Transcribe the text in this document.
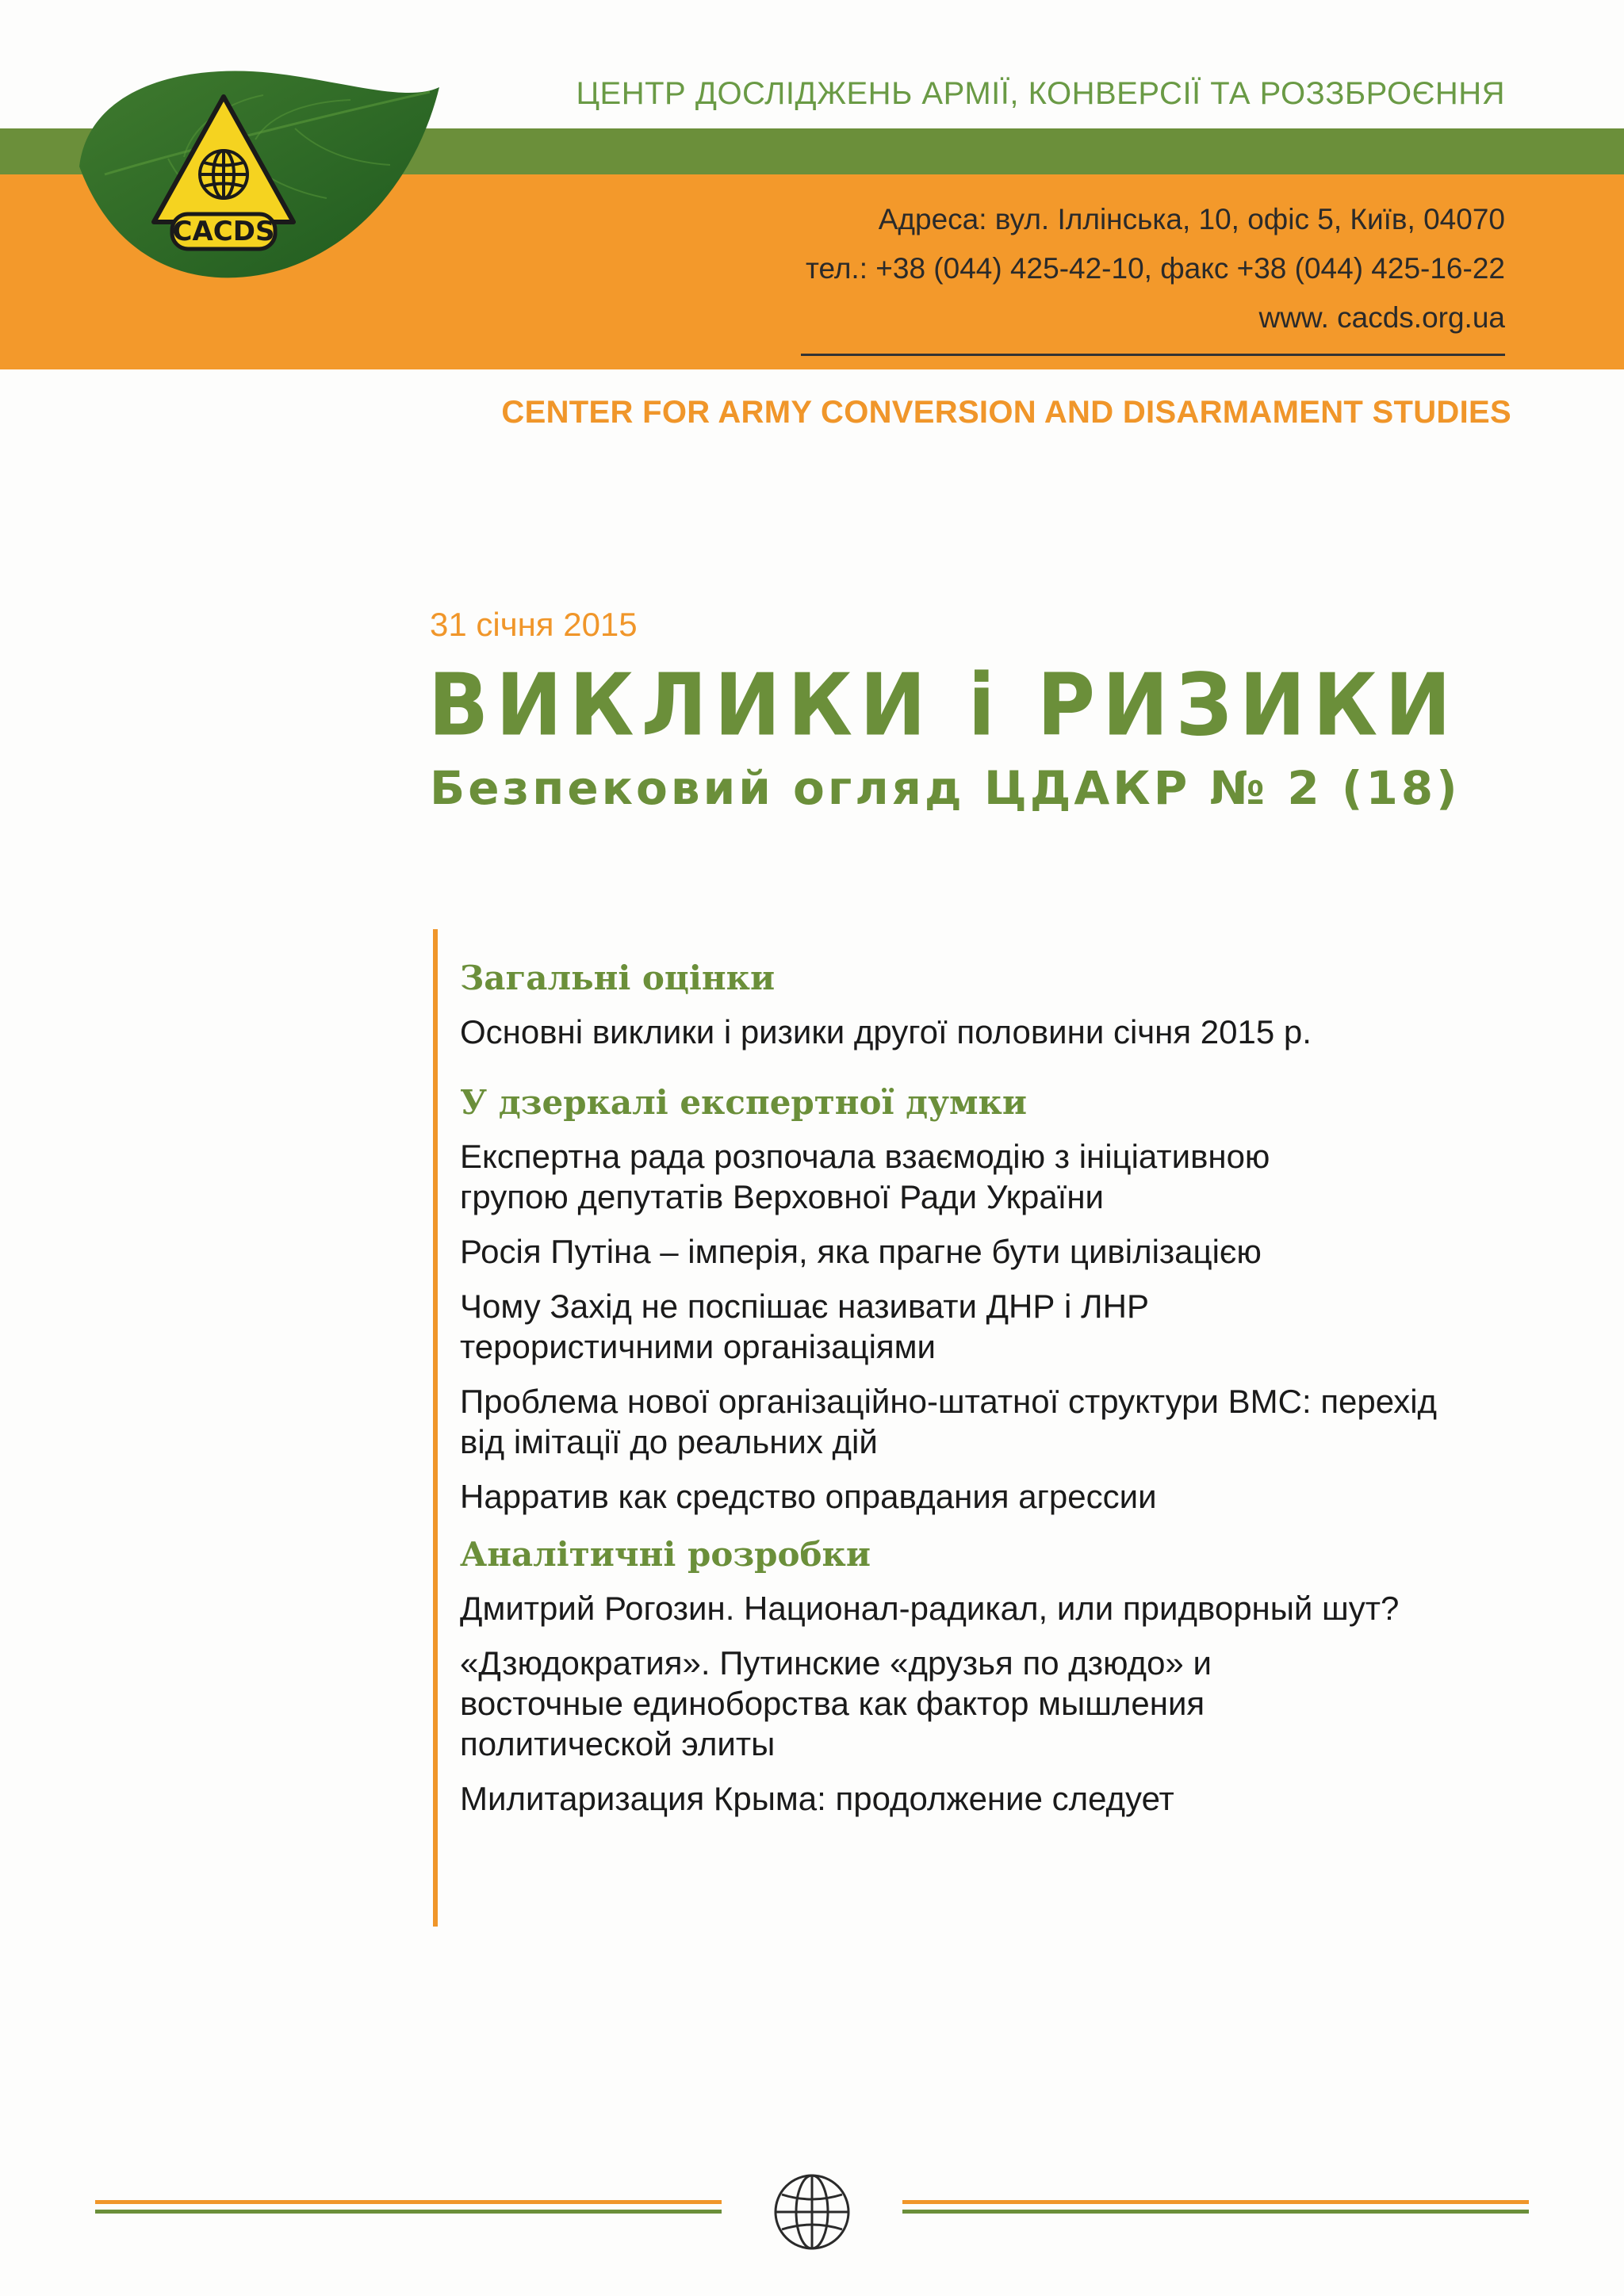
ЦЕНТР ДОСЛІДЖЕНЬ АРМІЇ, КОНВЕРСІЇ ТА РОЗЗБРОЄННЯ
CACDS	Адреса: вул. Іллінська, 10, офіс 5, Київ, 04070
тел.: +38 (044) 425-42-10, факс +38 (044) 425-16-22
www. cacds.org.ua
CENTER FOR ARMY CONVERSION AND DISARMAMENT STUDIES
31 січня 2015
ВИКЛИКИ і РИЗИКИ
Безпековий огляд ЦДАКР № 2 (18)
Загальні оцінки
Основні виклики і ризики другої половини січня 2015 р.
У дзеркалі експертної думки
Експертна рада розпочала взаємодію з ініціативною групою депутатів Верховної Ради України
Росія Путіна – імперія, яка прагне бути цивілізацією
Чому Захід не поспішає називати ДНР і ЛНР терористичними організаціями
Проблема нової організаційно-штатної структури ВМС: перехід від імітації до реальних дій
Нарратив как средство оправдания агрессии
Аналітичні розробки
Дмитрий Рогозин. Национал-радикал, или придворный шут?
«Дзюдократия». Путинские «друзья по дзюдо» и восточные единоборства как фактор мышления политической элиты
Милитаризация Крыма: продолжение следует
